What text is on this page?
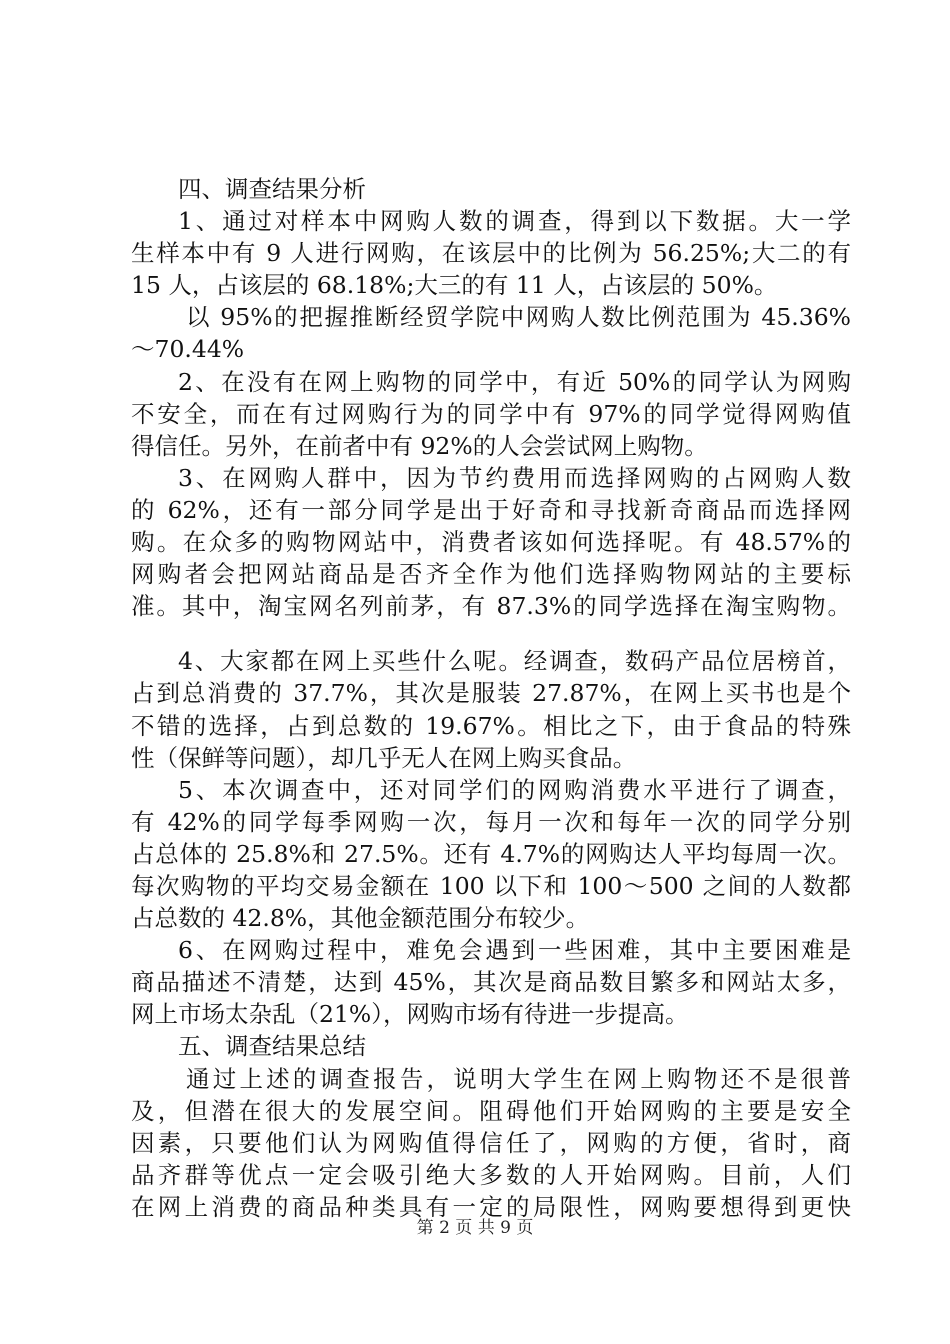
四、调查结果分析
1、通过对样本中网购人数的调查，得到以下数据。大一学
生样本中有 9 人进行网购，在该层中的比例为 56.25%;大二的有
15 人，占该层的 68.18%;大三的有 11 人，占该层的 50%。
以 95%的把握推断经贸学院中网购人数比例范围为 45.36%
～70.44%
2、在没有在网上购物的同学中，有近 50%的同学认为网购
不安全，而在有过网购行为的同学中有 97%的同学觉得网购值
得信任。另外，在前者中有 92%的人会尝试网上购物。
3、在网购人群中，因为节约费用而选择网购的占网购人数
的 62%，还有一部分同学是出于好奇和寻找新奇商品而选择网
购。在众多的购物网站中，消费者该如何选择呢。有 48.57%的
网购者会把网站商品是否齐全作为他们选择购物网站的主要标
准。其中，淘宝网名列前茅，有 87.3%的同学选择在淘宝购物。
4、大家都在网上买些什么呢。经调查，数码产品位居榜首，
占到总消费的 37.7%，其次是服装 27.87%，在网上买书也是个
不错的选择，占到总数的 19.67%。相比之下，由于食品的特殊
性（保鲜等问题），却几乎无人在网上购买食品。
5、本次调查中，还对同学们的网购消费水平进行了调查，
有 42%的同学每季网购一次，每月一次和每年一次的同学分别
占总体的 25.8%和 27.5%。还有 4.7%的网购达人平均每周一次。
每次购物的平均交易金额在 100 以下和 100～500 之间的人数都
占总数的 42.8%，其他金额范围分布较少。
6、在网购过程中，难免会遇到一些困难，其中主要困难是
商品描述不清楚，达到 45%，其次是商品数目繁多和网站太多，
网上市场太杂乱（21%），网购市场有待进一步提高。
五、调查结果总结
通过上述的调查报告，说明大学生在网上购物还不是很普
及，但潜在很大的发展空间。阻碍他们开始网购的主要是安全
因素，只要他们认为网购值得信任了，网购的方便，省时，商
品齐群等优点一定会吸引绝大多数的人开始网购。目前，人们
在网上消费的商品种类具有一定的局限性，网购要想得到更快
第 2 页 共 9 页
